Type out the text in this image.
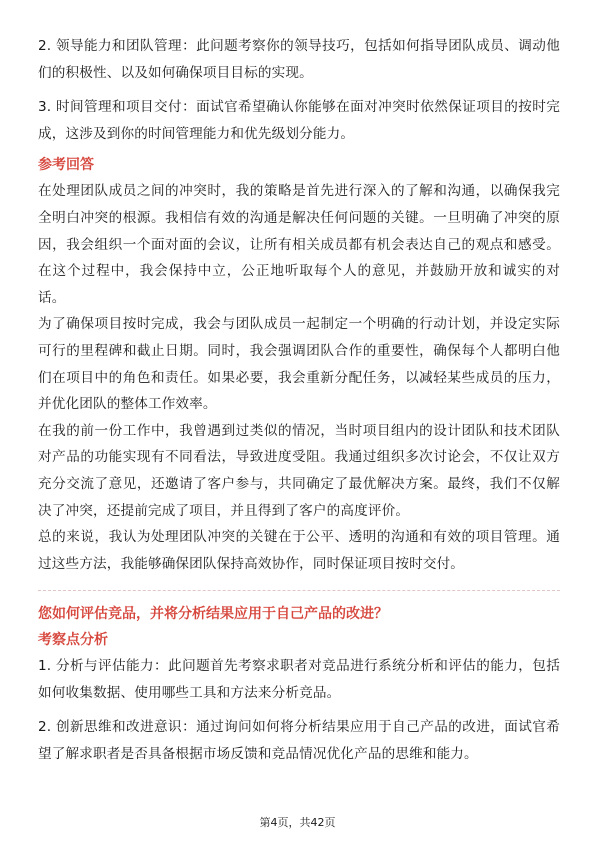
2. 领导能力和团队管理：此问题考察你的领导技巧，包括如何指导团队成员、调动他们的积极性、以及如何确保项目目标的实现。

3. 时间管理和项目交付：面试官希望确认你能够在面对冲突时依然保证项目的按时完成，这涉及到你的时间管理能力和优先级划分能力。

参考回答

在处理团队成员之间的冲突时，我的策略是首先进行深入的了解和沟通，以确保我完全明白冲突的根源。我相信有效的沟通是解决任何问题的关键。一旦明确了冲突的原因，我会组织一个面对面的会议，让所有相关成员都有机会表达自己的观点和感受。在这个过程中，我会保持中立，公正地听取每个人的意见，并鼓励开放和诚实的对话。

为了确保项目按时完成，我会与团队成员一起制定一个明确的行动计划，并设定实际可行的里程碑和截止日期。同时，我会强调团队合作的重要性，确保每个人都明白他们在项目中的角色和责任。如果必要，我会重新分配任务，以减轻某些成员的压力，并优化团队的整体工作效率。

在我的前一份工作中，我曾遇到过类似的情况，当时项目组内的设计团队和技术团队对产品的功能实现有不同看法，导致进度受阻。我通过组织多次讨论会，不仅让双方充分交流了意见，还邀请了客户参与，共同确定了最优解决方案。最终，我们不仅解决了冲突，还提前完成了项目，并且得到了客户的高度评价。

总的来说，我认为处理团队冲突的关键在于公平、透明的沟通和有效的项目管理。通过这些方法，我能够确保团队保持高效协作，同时保证项目按时交付。

您如何评估竞品，并将分析结果应用于自己产品的改进？
考察点分析

1. 分析与评估能力：此问题首先考察求职者对竞品进行系统分析和评估的能力，包括如何收集数据、使用哪些工具和方法来分析竞品。

2. 创新思维和改进意识：通过询问如何将分析结果应用于自己产品的改进，面试官希望了解求职者是否具备根据市场反馈和竞品情况优化产品的思维和能力。

第4页，共42页
